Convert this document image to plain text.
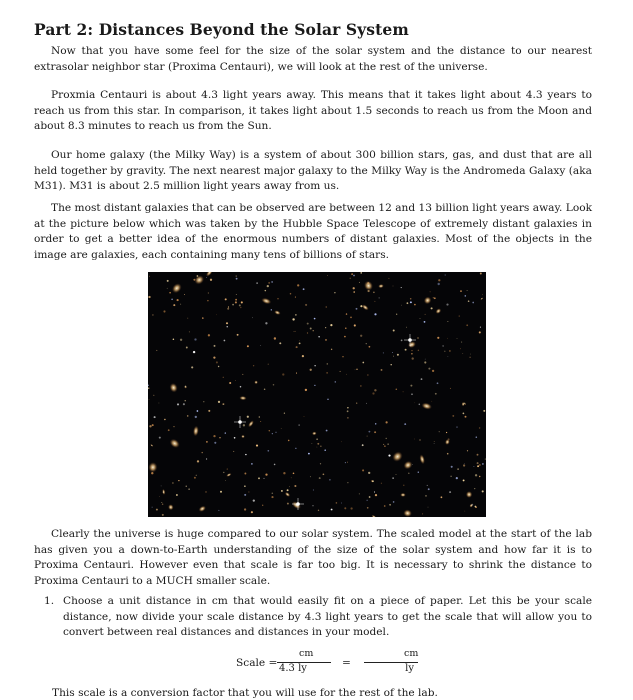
Part 2: Distances Beyond the Solar System

Now that you have some feel for the size of the solar system and the distance to our nearest extrasolar neighbor star (Proxima Centauri), we will look at the rest of the universe.

Proxmia Centauri is about 4.3 light years away. This means that it takes light about 4.3 years to reach us from this star. In comparison, it takes light about 1.5 seconds to reach us from the Moon and about 8.3 minutes to reach us from the Sun.

Our home galaxy (the Milky Way) is a system of about 300 billion stars, gas, and dust that are all held together by gravity. The next nearest major galaxy to the Milky Way is the Andromeda Galaxy (aka M31). M31 is about 2.5 million light years away from us.

The most distant galaxies that can be observed are between 12 and 13 billion light years away. Look at the picture below which was taken by the Hubble Space Telescope of extremely distant galaxies in order to get a better idea of the enormous numbers of distant galaxies. Most of the objects in the image are galaxies, each containing many tens of billions of stars.

Clearly the universe is huge compared to our solar system. The scaled model at the start of the lab has given you a down-to-Earth understanding of the size of the solar system and how far it is to Proxima Centauri. However even that scale is far too big. It is necessary to shrink the distance to Proxima Centauri to a MUCH smaller scale.

1. Choose a unit distance in cm that would easily fit on a piece of paper. Let this be your scale distance, now divide your scale distance by 4.3 light years to get the scale that will allow you to convert between real distances and distances in your model.
Scale =
cm
4.3 ly	=
cm
ly

This scale is a conversion factor that you will use for the rest of the lab.
